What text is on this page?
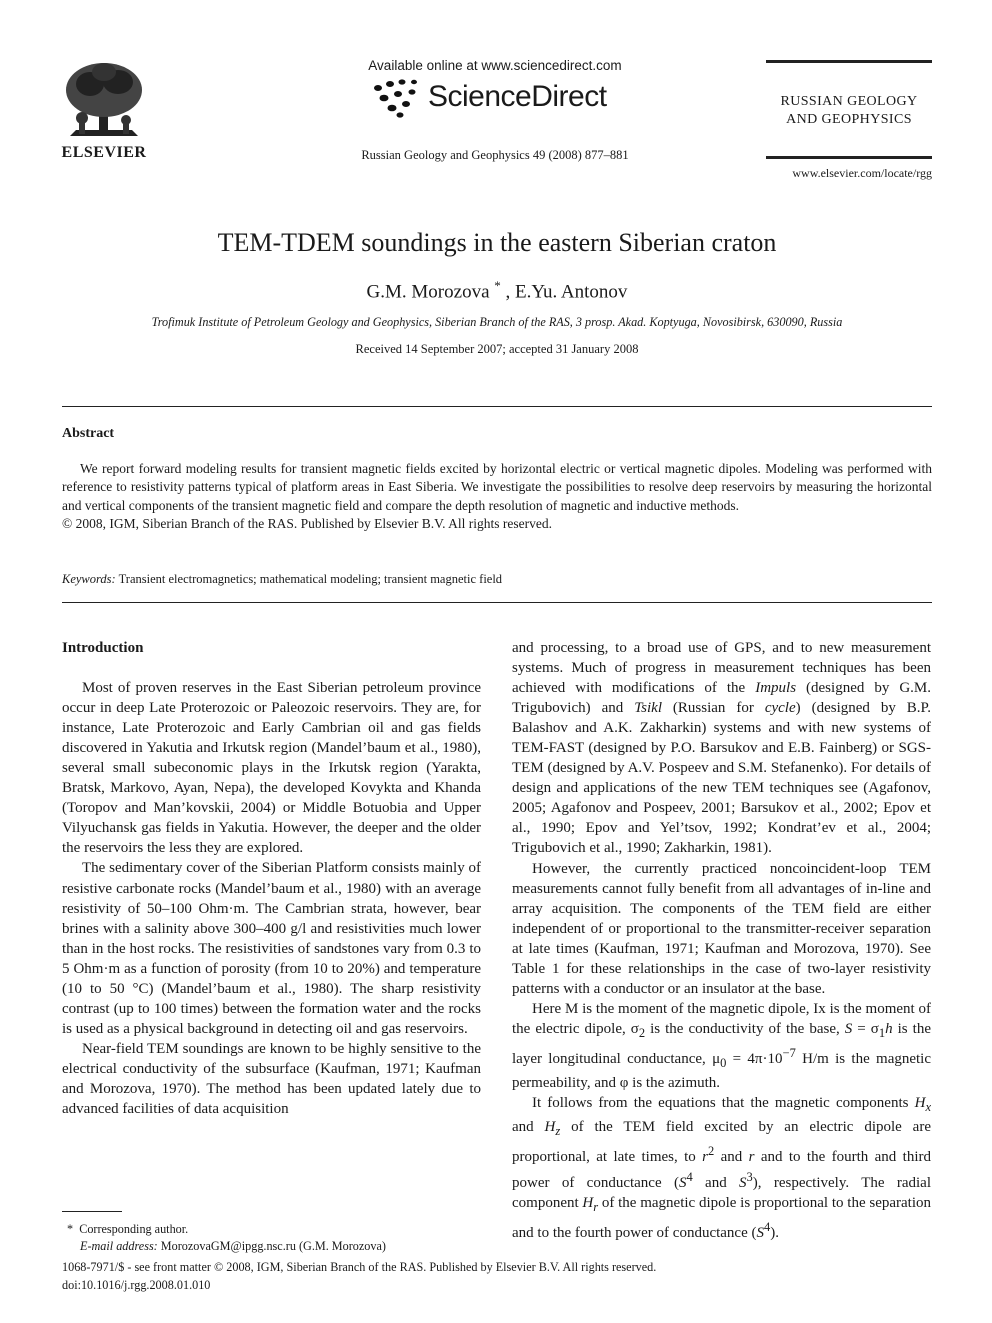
ELSEVIER
Available online at www.sciencedirect.com
ScienceDirect
Russian Geology and Geophysics 49 (2008) 877–881
RUSSIAN GEOLOGY
AND GEOPHYSICS
www.elsevier.com/locate/rgg
TEM-TDEM soundings in the eastern Siberian craton
G.M. Morozova * , E.Yu. Antonov
Trofimuk Institute of Petroleum Geology and Geophysics, Siberian Branch of the RAS, 3 prosp. Akad. Koptyuga, Novosibirsk, 630090, Russia
Received 14 September 2007; accepted 31 January 2008
Abstract

We report forward modeling results for transient magnetic fields excited by horizontal electric or vertical magnetic dipoles. Modeling was performed with reference to resistivity patterns typical of platform areas in East Siberia. We investigate the possibilities to resolve deep reservoirs by measuring the horizontal and vertical components of the transient magnetic field and compare the depth resolution of magnetic and inductive methods.

© 2008, IGM, Siberian Branch of the RAS. Published by Elsevier B.V. All rights reserved.

Keywords: Transient electromagnetics; mathematical modeling; transient magnetic field

Introduction

Most of proven reserves in the East Siberian petroleum province occur in deep Late Proterozoic or Paleozoic reservoirs. They are, for instance, Late Proterozoic and Early Cambrian oil and gas fields discovered in Yakutia and Irkutsk region (Mandel’baum et al., 1980), several small subeconomic plays in the Irkutsk region (Yarakta, Bratsk, Markovo, Ayan, Nepa), the developed Kovykta and Khanda (Toropov and Man’kovskii, 2004) or Middle Botuobia and Upper Vilyuchansk gas fields in Yakutia. However, the deeper and the older the reservoirs the less they are explored.

The sedimentary cover of the Siberian Platform consists mainly of resistive carbonate rocks (Mandel’baum et al., 1980) with an average resistivity of 50–100 Ohm·m. The Cambrian strata, however, bear brines with a salinity above 300–400 g/l and resistivities much lower than in the host rocks. The resistivities of sandstones vary from 0.3 to 5 Ohm·m as a function of porosity (from 10 to 20%) and temperature (10 to 50 °C) (Mandel’baum et al., 1980). The sharp resistivity contrast (up to 100 times) between the formation water and the rocks is used as a physical background in detecting oil and gas reservoirs.

Near-field TEM soundings are known to be highly sensitive to the electrical conductivity of the subsurface (Kaufman, 1971; Kaufman and Morozova, 1970). The method has been updated lately due to advanced facilities of data acquisition

and processing, to a broad use of GPS, and to new measurement systems. Much of progress in measurement techniques has been achieved with modifications of the Impuls (designed by G.M. Trigubovich) and Tsikl (Russian for cycle) (designed by B.P. Balashov and A.K. Zakharkin) systems and with new systems of TEM-FAST (designed by P.O. Barsukov and E.B. Fainberg) or SGS-TEM (designed by A.V. Pospeev and S.M. Stefanenko). For details of design and applications of the new TEM techniques see (Agafonov, 2005; Agafonov and Pospeev, 2001; Barsukov et al., 2002; Epov et al., 1990; Epov and Yel’tsov, 1992; Kondrat’ev et al., 2004; Trigubovich et al., 1990; Zakharkin, 1981).

However, the currently practiced noncoincident-loop TEM measurements cannot fully benefit from all advantages of in-line and array acquisition. The components of the TEM field are either independent of or proportional to the transmitter-receiver separation at late times (Kaufman, 1971; Kaufman and Morozova, 1970). See Table 1 for these relationships in the case of two-layer resistivity patterns with a conductor or an insulator at the base.

Here M is the moment of the magnetic dipole, Ix is the moment of the electric dipole, $\sigma_2$ is the conductivity of the base, $S = \sigma_1h$ is the layer longitudinal conductance, $\mu_0 = 4\pi\cdot 10^{-7}$ H/m is the magnetic permeability, and φ is the azimuth.

It follows from the equations that the magnetic components $H_x$ and $H_z$ of the TEM field excited by an electric dipole are proportional, at late times, to $r^2$ and r and to the fourth and third power of conductance ($S^4$ and $S^3$), respectively. The radial component $H_r$ of the magnetic dipole is proportional to the separation and to the fourth power of conductance $(S^4)$.

* Corresponding author.
E-mail address: MorozovaGM@ipgg.nsc.ru (G.M. Morozova)
1068-7971/$ - see front matter © 2008, IGM, Siberian Branch of the RAS. Published by Elsevier B.V. All rights reserved.
doi:10.1016/j.rgg.2008.01.010
